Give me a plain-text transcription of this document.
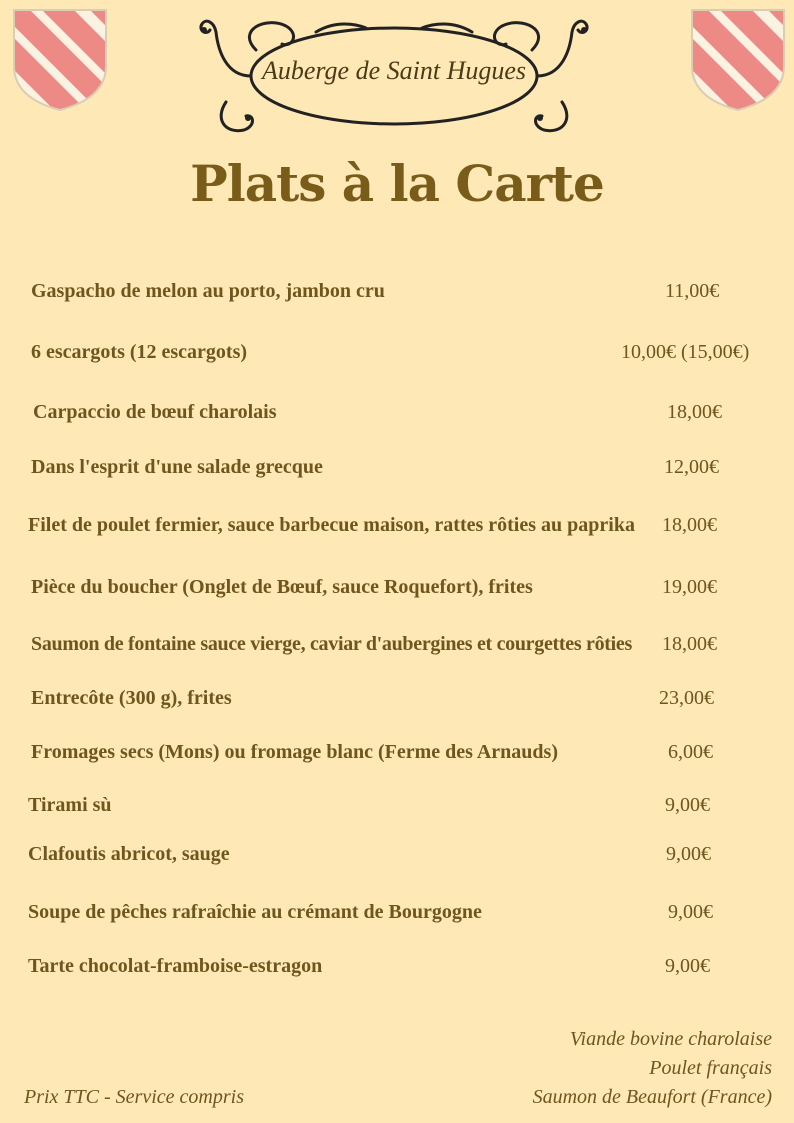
Auberge de Saint Hugues
Plats à la Carte
Gaspacho de melon au porto, jambon cru	11,00€
6 escargots (12 escargots)	10,00€ (15,00€)
Carpaccio de bœuf charolais	18,00€
Dans l'esprit d'une salade grecque	12,00€
Filet de poulet fermier, sauce barbecue maison, rattes rôties au paprika 18,00€
Pièce du boucher (Onglet de Bœuf, sauce Roquefort), frites	19,00€
Saumon de fontaine sauce vierge, caviar d'aubergines et courgettes rôties 18,00€
Entrecôte (300 g), frites	23,00€
Fromages secs (Mons) ou fromage blanc (Ferme des Arnauds)	6,00€
Tirami sù	9,00€
Clafoutis abricot, sauge	9,00€
Soupe de pêches rafraîchie au crémant de Bourgogne	9,00€
Tarte chocolat-framboise-estragon	9,00€
Viande bovine charolaise
Poulet français
Saumon de Beaufort (France)
Prix TTC - Service compris
